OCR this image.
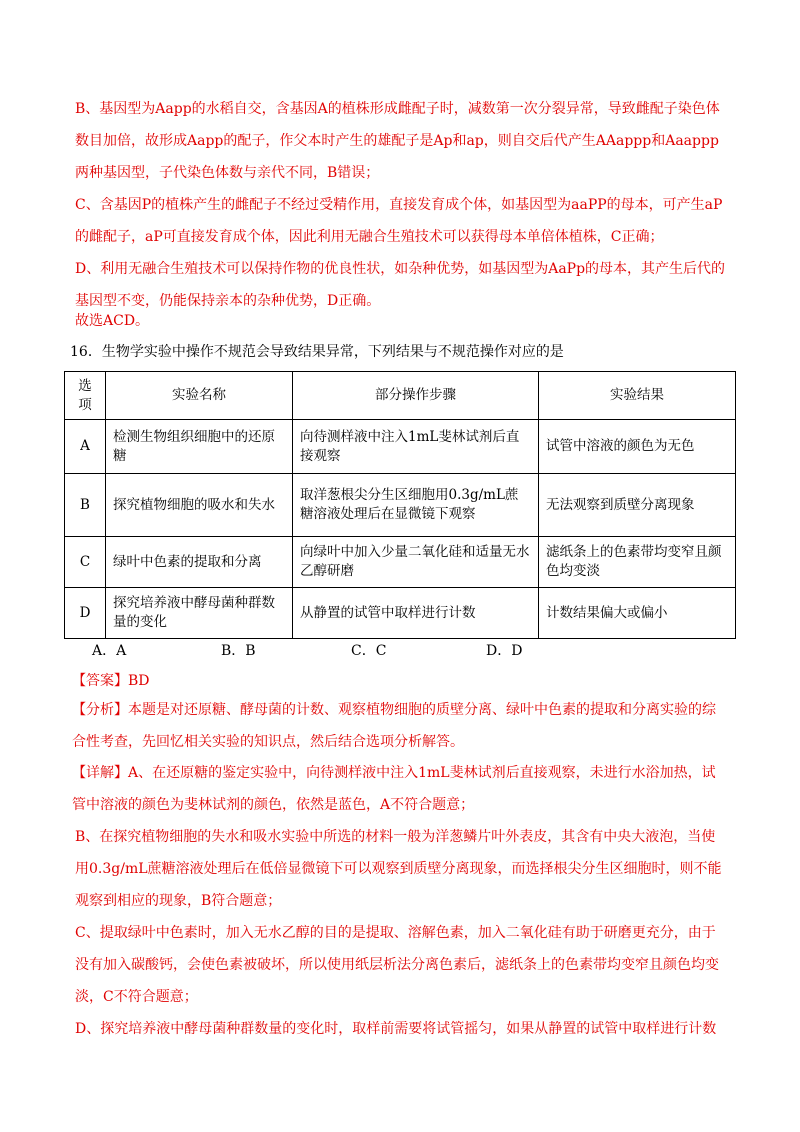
B、基因型为Aapp的水稻自交，含基因A的植株形成雌配子时，减数第一次分裂异常，导致雌配子染色体数目加倍，故形成Aapp的配子，作父本时产生的雄配子是Ap和ap，则自交后代产生AAappp和Aaappp两种基因型，子代染色体数与亲代不同，B错误；

C、含基因P的植株产生的雌配子不经过受精作用，直接发育成个体，如基因型为aaPP的母本，可产生aP的雌配子，aP可直接发育成个体，因此利用无融合生殖技术可以获得母本单倍体植株，C正确；

D、利用无融合生殖技术可以保持作物的优良性状，如杂种优势，如基因型为AaPp的母本，其产生后代的基因型不变，仍能保持亲本的杂种优势，D正确。

故选ACD。
16．生物学实验中操作不规范会导致结果异常，下列结果与不规范操作对应的是
选项	实验名称	部分操作步骤	实验结果
A	检测生物组织细胞中的还原糖	向待测样液中注入1mL斐林试剂后直接观察	试管中溶液的颜色为无色
B	探究植物细胞的吸水和失水	取洋葱根尖分生区细胞用0.3g/mL蔗糖溶液处理后在显微镜下观察	无法观察到质壁分离现象
C	绿叶中色素的提取和分离	向绿叶中加入少量二氧化硅和适量无水乙醇研磨	滤纸条上的色素带均变窄且颜色均变淡
D	探究培养液中酵母菌种群数量的变化	从静置的试管中取样进行计数	计数结果偏大或偏小
A．A	B．B	C．C	D．D
【答案】BD

【分析】本题是对还原糖、酵母菌的计数、观察植物细胞的质壁分离、绿叶中色素的提取和分离实验的综合性考查，先回忆相关实验的知识点，然后结合选项分析解答。

【详解】A、在还原糖的鉴定实验中，向待测样液中注入1mL斐林试剂后直接观察，未进行水浴加热，试管中溶液的颜色为斐林试剂的颜色，依然是蓝色，A不符合题意；

B、在探究植物细胞的失水和吸水实验中所选的材料一般为洋葱鳞片叶外表皮，其含有中央大液泡，当使用0.3g/mL蔗糖溶液处理后在低倍显微镜下可以观察到质壁分离现象，而选择根尖分生区细胞时，则不能观察到相应的现象，B符合题意；

C、提取绿叶中色素时，加入无水乙醇的目的是提取、溶解色素，加入二氧化硅有助于研磨更充分，由于没有加入碳酸钙，会使色素被破坏，所以使用纸层析法分离色素后，滤纸条上的色素带均变窄且颜色均变淡，C不符合题意；

D、探究培养液中酵母菌种群数量的变化时，取样前需要将试管摇匀，如果从静置的试管中取样进行计数
